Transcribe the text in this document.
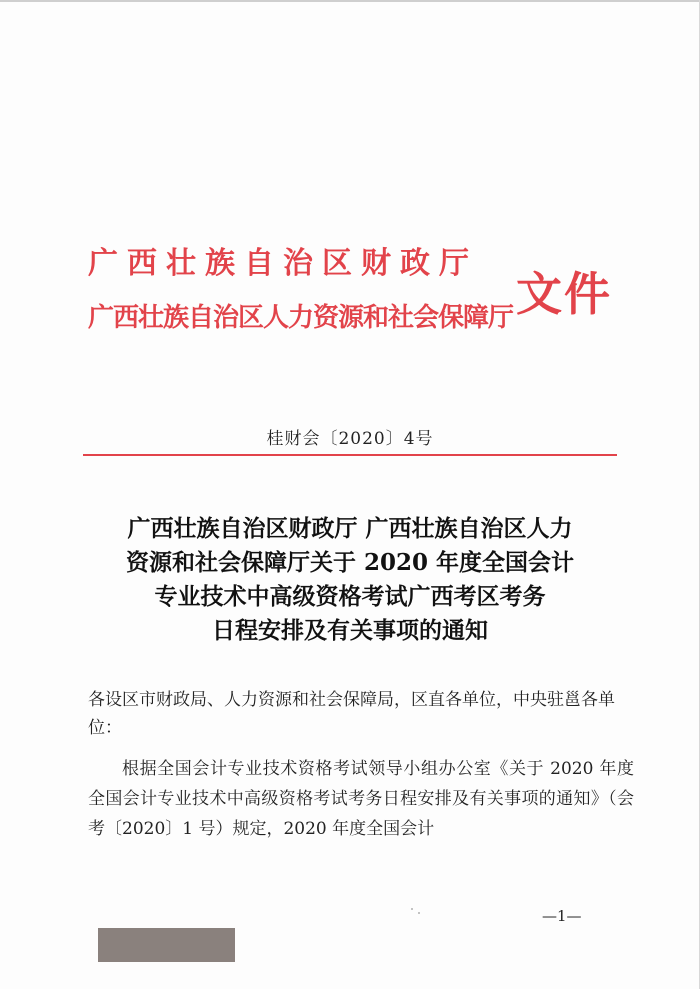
广西壮族自治区财政厅
广西壮族自治区人力资源和社会保障厅 文件
桂财会〔2020〕4号
广西壮族自治区财政厅 广西壮族自治区人力
资源和社会保障厅关于 2020 年度全国会计
专业技术中高级资格考试广西考区考务
日程安排及有关事项的通知
各设区市财政局、人力资源和社会保障局，区直各单位，中央驻邕各单位：
根据全国会计专业技术资格考试领导小组办公室《关于 2020 年度全国会计专业技术中高级资格考试考务日程安排及有关事项的通知》（会考〔2020〕1 号）规定，2020 年度全国会计
—1—
